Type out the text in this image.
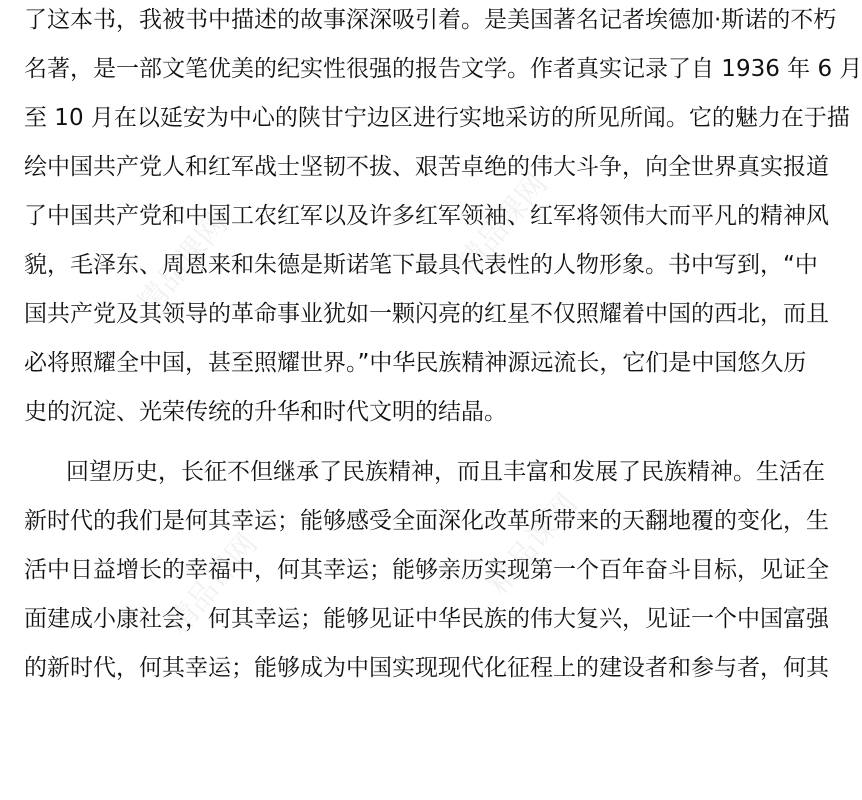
精品课网	精品课网
精品课网	精品课网
了这本书，我被书中描述的故事深深吸引着。是美国著名记者埃德加·斯诺的不朽
名著，是一部文笔优美的纪实性很强的报告文学。作者真实记录了自 1936 年 6 月
至 10 月在以延安为中心的陕甘宁边区进行实地采访的所见所闻。它的魅力在于描
绘中国共产党人和红军战士坚韧不拔、艰苦卓绝的伟大斗争，向全世界真实报道
了中国共产党和中国工农红军以及许多红军领袖、红军将领伟大而平凡的精神风
貌，毛泽东、周恩来和朱德是斯诺笔下最具代表性的人物形象。书中写到，“中
国共产党及其领导的革命事业犹如一颗闪亮的红星不仅照耀着中国的西北，而且
必将照耀全中国，甚至照耀世界。”中华民族精神源远流长，它们是中国悠久历
史的沉淀、光荣传统的升华和时代文明的结晶。
回望历史，长征不但继承了民族精神，而且丰富和发展了民族精神。生活在
新时代的我们是何其幸运；能够感受全面深化改革所带来的天翻地覆的变化，生
活中日益增长的幸福中，何其幸运；能够亲历实现第一个百年奋斗目标，见证全
面建成小康社会，何其幸运；能够见证中华民族的伟大复兴，见证一个中国富强
的新时代，何其幸运；能够成为中国实现现代化征程上的建设者和参与者，何其
